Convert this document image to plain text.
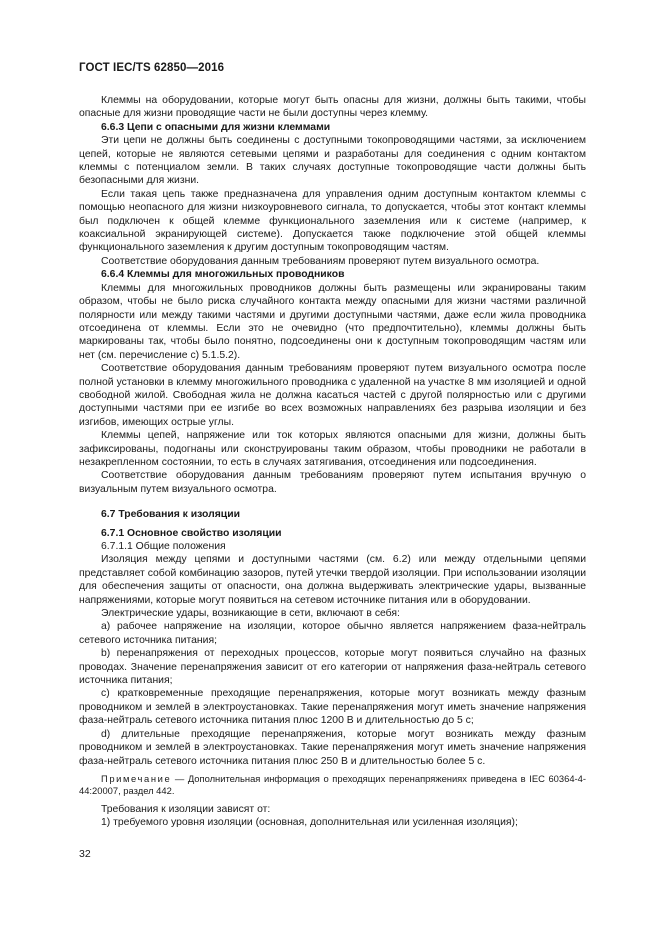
ГОСТ IEC/TS 62850—2016

Клеммы на оборудовании, которые могут быть опасны для жизни, должны быть такими, чтобы опасные для жизни проводящие части не были доступны через клемму.

6.6.3 Цепи с опасными для жизни клеммами

Эти цепи не должны быть соединены с доступными токопроводящими частями, за исключением цепей, которые не являются сетевыми цепями и разработаны для соединения с одним контактом клеммы с потенциалом земли. В таких случаях доступные токопроводящие части должны быть безопасными для жизни.

Если такая цепь также предназначена для управления одним доступным контактом клеммы с помощью неопасного для жизни низкоуровневого сигнала, то допускается, чтобы этот контакт клеммы был подключен к общей клемме функционального заземления или к системе (например, к коаксиальной экранирующей системе). Допускается также подключение этой общей клеммы функционального заземления к другим доступным токопроводящим частям.

Соответствие оборудования данным требованиям проверяют путем визуального осмотра.

6.6.4 Клеммы для многожильных проводников

Клеммы для многожильных проводников должны быть размещены или экранированы таким образом, чтобы не было риска случайного контакта между опасными для жизни частями различной полярности или между такими частями и другими доступными частями, даже если жила проводника отсоединена от клеммы. Если это не очевидно (что предпочтительно), клеммы должны быть маркированы так, чтобы было понятно, подсоединены они к доступным токопроводящим частям или нет (см. перечисление с) 5.1.5.2).

Соответствие оборудования данным требованиям проверяют путем визуального осмотра после полной установки в клемму многожильного проводника с удаленной на участке 8 мм изоляцией и одной свободной жилой. Свободная жила не должна касаться частей с другой полярностью или с другими доступными частями при ее изгибе во всех возможных направлениях без разрыва изоляции и без изгибов, имеющих острые углы.

Клеммы цепей, напряжение или ток которых являются опасными для жизни, должны быть зафиксированы, подогнаны или сконструированы таким образом, чтобы проводники не работали в незакрепленном состоянии, то есть в случаях затягивания, отсоединения или подсоединения.

Соответствие оборудования данным требованиям проверяют путем испытания вручную о визуальным путем визуального осмотра.

6.7 Требования к изоляции

6.7.1 Основное свойство изоляции

6.7.1.1 Общие положения

Изоляция между цепями и доступными частями (см. 6.2) или между отдельными цепями представляет собой комбинацию зазоров, путей утечки твердой изоляции. При использовании изоляции для обеспечения защиты от опасности, она должна выдерживать электрические удары, вызванные напряжениями, которые могут появиться на сетевом источнике питания или в оборудовании.

Электрические удары, возникающие в сети, включают в себя:

a) рабочее напряжение на изоляции, которое обычно является напряжением фаза-нейтраль сетевого источника питания;

b) перенапряжения от переходных процессов, которые могут появиться случайно на фазных проводах. Значение перенапряжения зависит от его категории от напряжения фаза-нейтраль сетевого источника питания;

c) кратковременные преходящие перенапряжения, которые могут возникать между фазным проводником и землей в электроустановках. Такие перенапряжения могут иметь значение напряжения фаза-нейтраль сетевого источника питания плюс 1200 В и длительностью до 5 с;

d) длительные преходящие перенапряжения, которые могут возникать между фазным проводником и землей в электроустановках. Такие перенапряжения могут иметь значение напряжения фаза-нейтраль сетевого источника питания плюс 250 В и длительностью более 5 с.

Примечание — Дополнительная информация о преходящих перенапряжениях приведена в IEC 60364-4-44:20007, раздел 442.

Требования к изоляции зависят от:

1) требуемого уровня изоляции (основная, дополнительная или усиленная изоляция);

32
